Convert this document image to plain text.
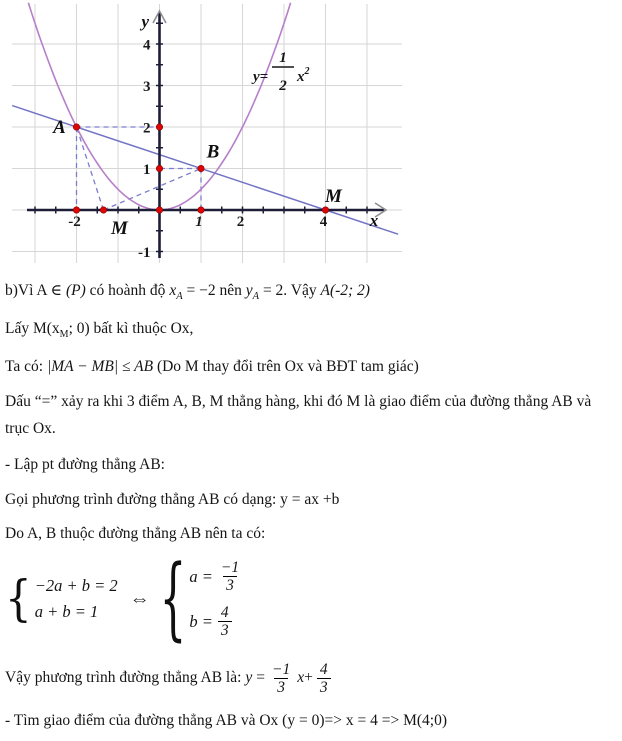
y
x
-2	1 2	4
4
3
2
1
-1
A
B
M
M
y=
1
2
$x^2$

b)Vì A ∈ (P) có hoành độ $x_A = -2$ nên $y_A = 2$. Vậy A(-2; 2)

Lấy $M(x_M$; 0) bất kì thuộc Ox,

Ta có: |MA − MB| ≤ AB (Do M thay đổi trên Ox và BĐT tam giác)

Dấu “=” xảy ra khi 3 điểm A, B, M thẳng hàng, khi đó M là giao điểm của đường thẳng AB và
trục Ox.

- Lập pt đường thẳng AB:

Gọi phương trình đường thẳng AB có dạng: y = ax +b

Do A, B thuộc đường thẳng AB nên ta có:

{ −2a + b = 2
a + b = 1
⇔ { $a = \frac{-1}{3}$
$b = \frac{4}{3}$

Vậy phương trình đường thẳng AB là: $y = \frac{-1}{3}$ $x + \frac{4}{3}$

- Tìm giao điểm của đường thẳng AB và Ox (y = 0)=> x = 4 => M(4;0)
